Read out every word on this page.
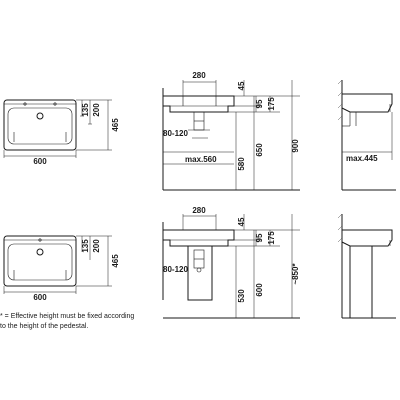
600
135 200
465
280
80-120
max.560
45
95 175
580
650	900
max.445
600
135 200
465
280
80-120
45
95 175
530 600
~850*
* = Effective height must be fixed according
to the height of the pedestal.
